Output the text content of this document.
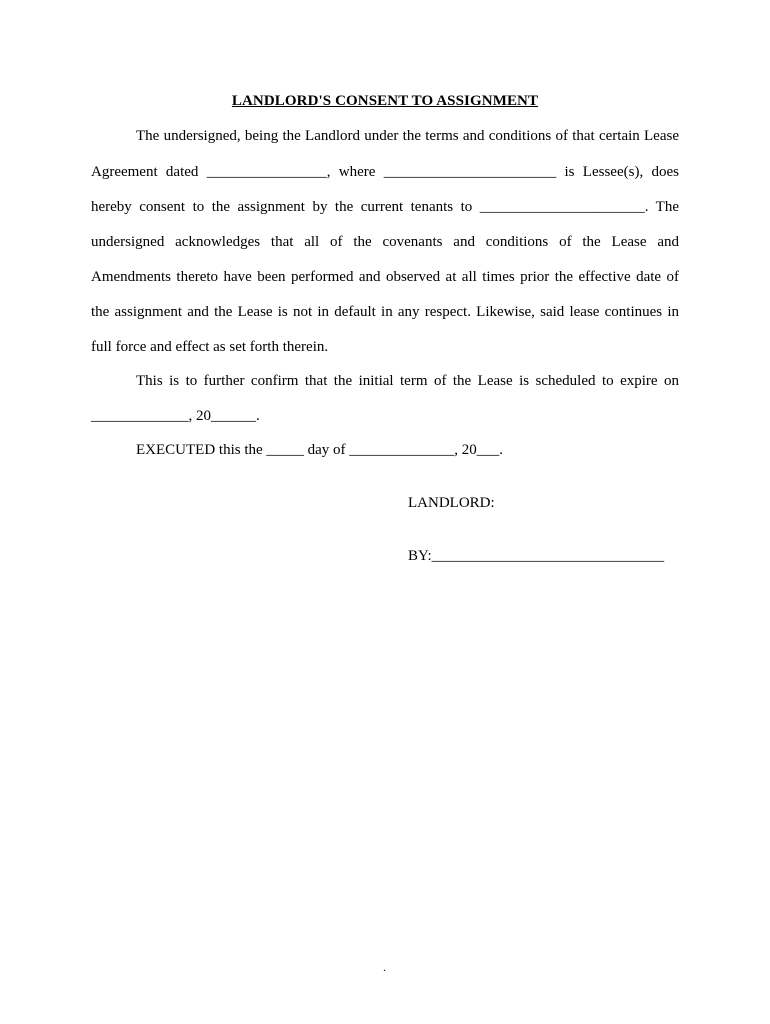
LANDLORD'S CONSENT TO ASSIGNMENT
The undersigned, being the Landlord under the terms and conditions of that certain Lease
Agreement dated ________________, where _______________________ is Lessee(s), does
hereby consent to the assignment by the current tenants to ______________________. The
undersigned acknowledges that all of the covenants and conditions of the Lease and
Amendments thereto have been performed and observed at all times prior the effective date of
the assignment and the Lease is not in default in any respect. Likewise, said lease continues in
full force and effect as set forth therein.
This is to further confirm that the initial term of the Lease is scheduled to expire on
_____________, 20______.
EXECUTED this the _____ day of ______________, 20___.
LANDLORD:
BY:_______________________________
.
